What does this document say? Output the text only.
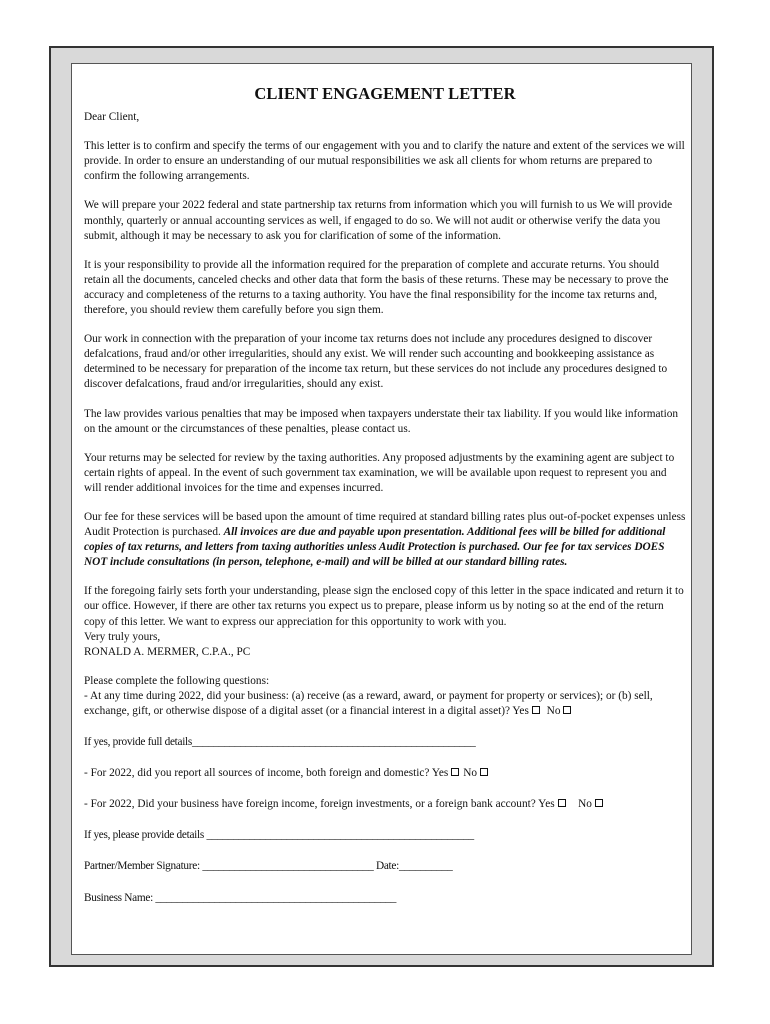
CLIENT ENGAGEMENT LETTER

Dear Client,

This letter is to confirm and specify the terms of our engagement with you and to clarify the nature and extent of the services we will provide. In order to ensure an understanding of our mutual responsibilities we ask all clients for whom returns are prepared to confirm the following arrangements.

We will prepare your 2022 federal and state partnership tax returns from information which you will furnish to us We will provide monthly, quarterly or annual accounting services as well, if engaged to do so. We will not audit or otherwise verify the data you submit, although it may be necessary to ask you for clarification of some of the information.

It is your responsibility to provide all the information required for the preparation of complete and accurate returns. You should retain all the documents, canceled checks and other data that form the basis of these returns. These may be necessary to prove the accuracy and completeness of the returns to a taxing authority. You have the final responsibility for the income tax returns and, therefore, you should review them carefully before you sign them.

Our work in connection with the preparation of your income tax returns does not include any procedures designed to discover defalcations, fraud and/or other irregularities, should any exist. We will render such accounting and bookkeeping assistance as determined to be necessary for preparation of the income tax return, but these services do not include any procedures designed to discover defalcations, fraud and/or irregularities, should any exist.

The law provides various penalties that may be imposed when taxpayers understate their tax liability. If you would like information on the amount or the circumstances of these penalties, please contact us.

Your returns may be selected for review by the taxing authorities. Any proposed adjustments by the examining agent are subject to certain rights of appeal. In the event of such government tax examination, we will be available upon request to represent you and will render additional invoices for the time and expenses incurred.

Our fee for these services will be based upon the amount of time required at standard billing rates plus out-of-pocket expenses unless Audit Protection is purchased. All invoices are due and payable upon presentation. Additional fees will be billed for additional copies of tax returns, and letters from taxing authorities unless Audit Protection is purchased. Our fee for tax services DOES NOT include consultations (in person, telephone, e-mail) and will be billed at our standard billing rates.

If the foregoing fairly sets forth your understanding, please sign the enclosed copy of this letter in the space indicated and return it to our office. However, if there are other tax returns you expect us to prepare, please inform us by noting so at the end of the return copy of this letter. We want to express our appreciation for this opportunity to work with you.

Very truly yours,

RONALD A. MERMER, C.P.A., PC

Please complete the following questions:

- At any time during 2022, did your business: (a) receive (as a reward, award, or payment for property or services); or (b) sell, exchange, gift, or otherwise dispose of a digital asset (or a financial interest in a digital asset)? Yes No

If yes, provide full details_____________________________________________________

- For 2022, did you report all sources of income, both foreign and domestic? Yes No

- For 2022, Did your business have foreign income, foreign investments, or a foreign bank account? Yes No

If yes, please provide details __________________________________________________

Partner/Member Signature: ________________________________ Date:__________

Business Name: _____________________________________________
